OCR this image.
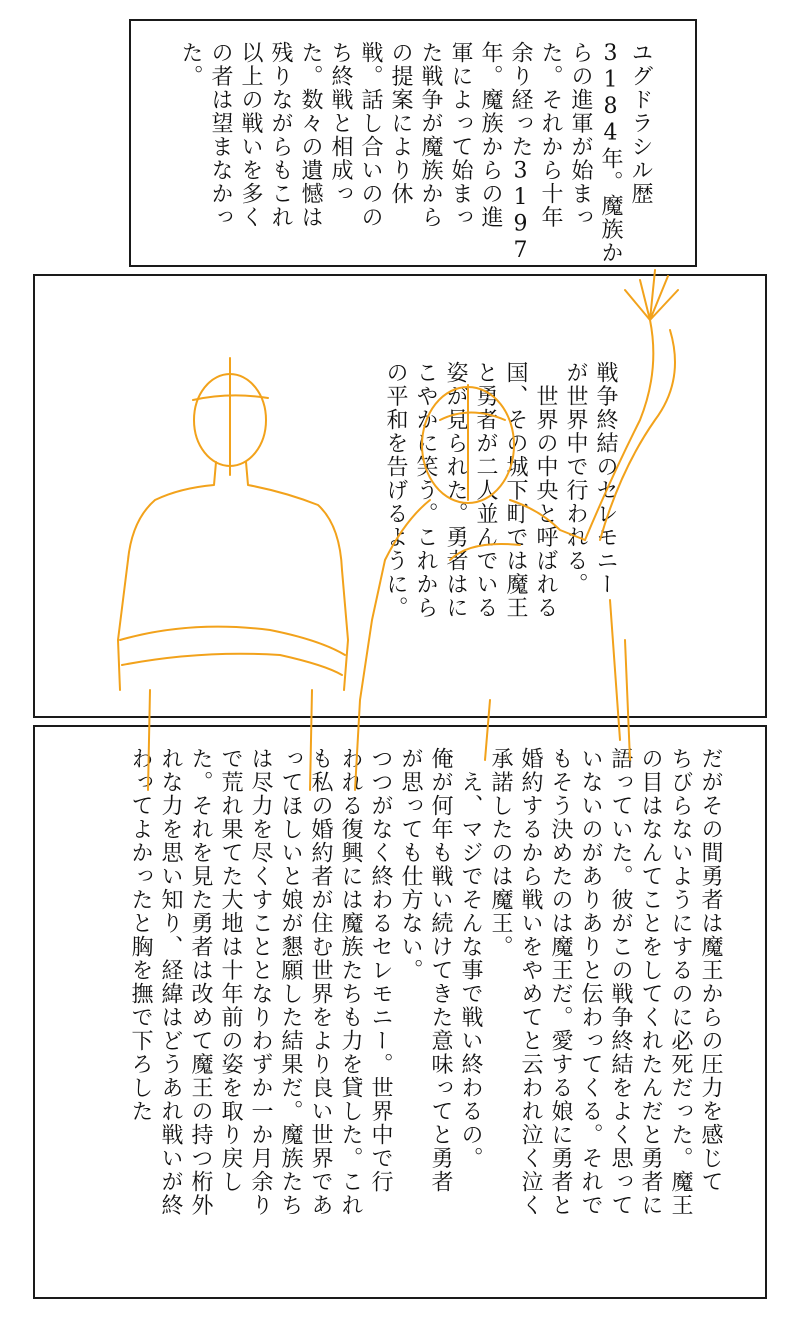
ユグドラシル歴
3184年。魔族か
らの進軍が始まっ
た。それから十年
余り経った3197
年。魔族からの進
軍によって始まっ
た戦争が魔族から
の提案により休
戦。話し合いのの
ち終戦と相成っ
た。数々の遺憾は
残りながらもこれ
以上の戦いを多く
の者は望まなかっ
た。
戦争終結のセレモニー
が世界中で行われる。
　世界の中央と呼ばれる
国、その城下町では魔王
と勇者が二人並んでいる
姿が見られた。勇者はに
こやかに笑う。これから
の平和を告げるように。
だがその間勇者は魔王からの圧力を感じて
ちびらないようにするのに必死だった。魔王
の目はなんてことをしてくれたんだと勇者に
語っていた。彼がこの戦争終結をよく思って
いないのがありありと伝わってくる。それで
もそう決めたのは魔王だ。愛する娘に勇者と
婚約するから戦いをやめてと云われ泣く泣く
承諾したのは魔王。
　え、マジでそんな事で戦い終わるの。
俺が何年も戦い続けてきた意味ってと勇者
が思っても仕方ない。
つつがなく終わるセレモニー。世界中で行
われる復興には魔族たちも力を貸した。これ
も私の婚約者が住む世界をより良い世界であ
ってほしいと娘が懇願した結果だ。魔族たち
は尽力を尽くすこととなりわずか一か月余り
で荒れ果てた大地は十年前の姿を取り戻し
た。それを見た勇者は改めて魔王の持つ桁外
れな力を思い知り、経緯はどうあれ戦いが終
わってよかったと胸を撫で下ろした
